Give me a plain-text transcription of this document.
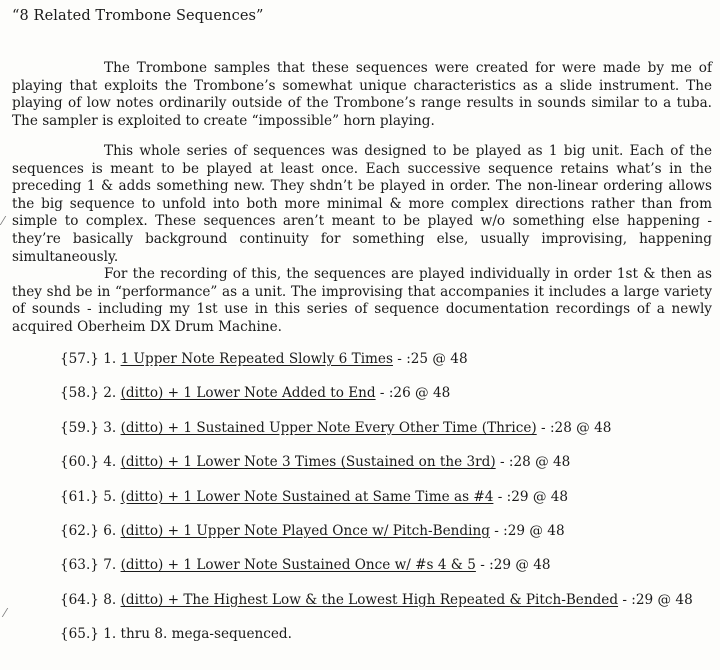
“8 Related Trombone Sequences”

The Trombone samples that these sequences were created for were made by me of playing that exploits the Trombone’s somewhat unique characteristics as a slide instrument. The playing of low notes ordinarily outside of the Trombone’s range results in sounds similar to a tuba. The sampler is exploited to create “impossible” horn playing.

This whole series of sequences was designed to be played as 1 big unit. Each of the sequences is meant to be played at least once. Each successive sequence retains what’s in the preceding 1 & adds something new. They shdn’t be played in order. The non-linear ordering allows the big sequence to unfold into both more minimal & more complex directions rather than from simple to complex. These sequences aren’t meant to be played w/o something else happening - they’re basically background continuity for something else, usually improvising, happening simultaneously.

For the recording of this, the sequences are played individually in order 1st & then as they shd be in “performance” as a unit. The improvising that accompanies it includes a large variety of sounds - including my 1st use in this series of sequence documentation recordings of a newly acquired Oberheim DX Drum Machine.

{57.} 1. 1 Upper Note Repeated Slowly 6 Times - :25 @ 48
{58.} 2. (ditto) + 1 Lower Note Added to End - :26 @ 48
{59.} 3. (ditto) + 1 Sustained Upper Note Every Other Time (Thrice) - :28 @ 48
{60.} 4. (ditto) + 1 Lower Note 3 Times (Sustained on the 3rd) - :28 @ 48
{61.} 5. (ditto) + 1 Lower Note Sustained at Same Time as #4 - :29 @ 48
{62.} 6. (ditto) + 1 Upper Note Played Once w/ Pitch-Bending - :29 @ 48
{63.} 7. (ditto) + 1 Lower Note Sustained Once w/ #s 4 & 5 - :29 @ 48
{64.} 8. (ditto) + The Highest Low & the Lowest High Repeated & Pitch-Bended - :29 @ 48
{65.} 1. thru 8. mega-sequenced.
⁄
⁄
